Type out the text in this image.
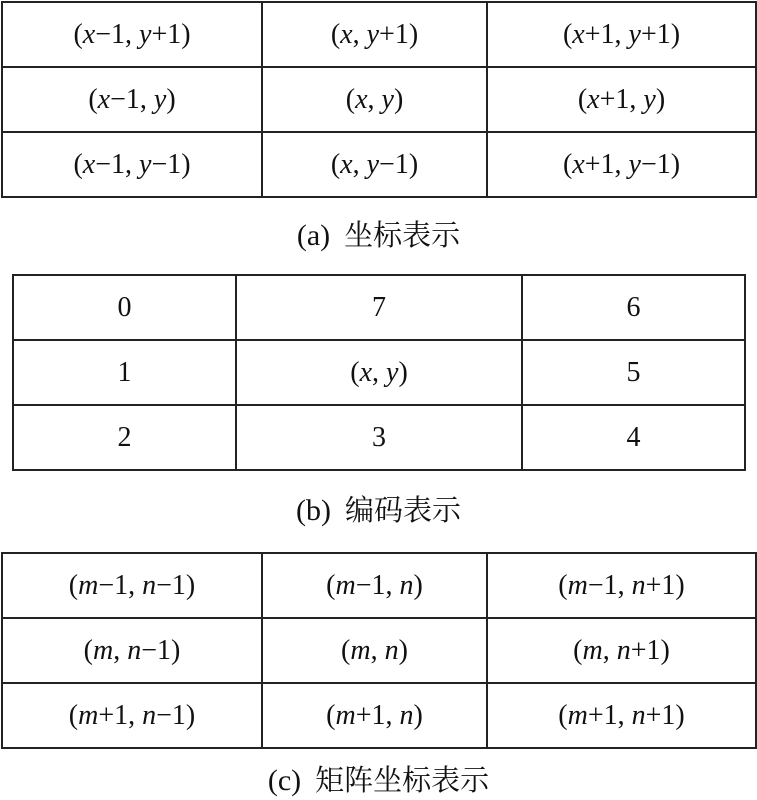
(x−1, y+1)	(x, y+1)	(x+1, y+1)
(x−1, y)	(x, y)	(x+1, y)
(x−1, y−1)	(x, y−1)	(x+1, y−1)
(a) 坐标表示
0	7	6
1	(x, y)	5
2	3	4
(b) 编码表示
(m−1, n−1)	(m−1, n)	(m−1, n+1)
(m, n−1)	(m, n)	(m, n+1)
(m+1, n−1)	(m+1, n)	(m+1, n+1)
(c) 矩阵坐标表示
